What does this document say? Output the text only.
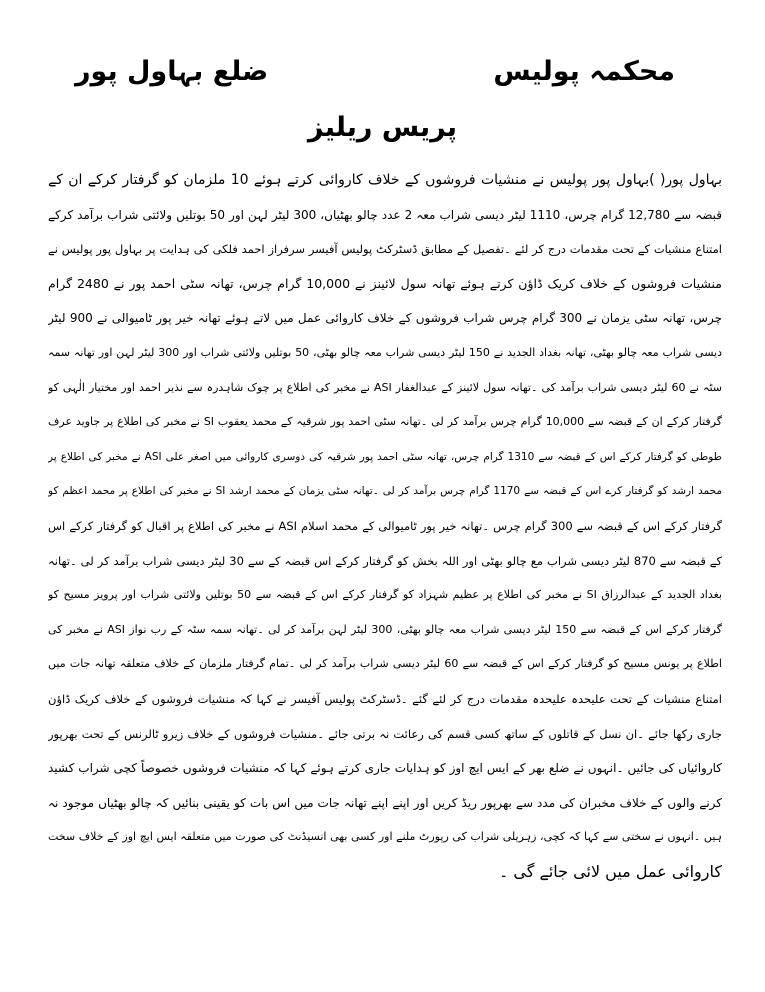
محکمہ پولیس
ضلع بہاول پور
پریس ریلیز
بہاول پور( )بہاول پور پولیس نے منشیات فروشوں کے خلاف کاروائی کرتے ہوئے 10 ملزمان کو گرفتار کرکے ان کے
قبضہ سے 12,780 گرام چرس، 1110 لیٹر دیسی شراب معہ 2 عدد چالو بھٹیاں، 300 لیٹر لہن اور 50 بوتلیں ولائتی شراب برآمد کرکے
امتناع منشیات کے تحت مقدمات درج کر لئے ۔تفصیل کے مطابق ڈسٹرکٹ پولیس آفیسر سرفراز احمد فلکی کی ہدایت پر بہاول پور پولیس نے
منشیات فروشوں کے خلاف کریک ڈاؤن کرتے ہوئے تھانہ سول لائینز نے 10,000 گرام چرس، تھانہ سٹی احمد پور نے 2480 گرام
چرس، تھانہ سٹی یزمان نے 300 گرام چرس شراب فروشوں کے خلاف کاروائی عمل میں لاتے ہوئے تھانہ خیر پور ٹامیوالی نے 900 لیٹر
دیسی شراب معہ چالو بھٹی، تھانہ بغداد الجدید نے 150 لیٹر دیسی شراب معہ چالو بھٹی، 50 بوتلیں ولائتی شراب اور 300 لیٹر لہن اور تھانہ سمہ
سٹہ نے 60 لیٹر دیسی شراب برآمد کی ۔تھانہ سول لائینز کے عبدالغفار ASI نے مخبر کی اطلاع پر چوک شاہدرہ سے نذیر احمد اور مختیار الٰہی کو
گرفتار کرکے ان کے قبضہ سے 10,000 گرام چرس برآمد کر لی ۔تھانہ سٹی احمد پور شرقیہ کے محمد یعقوب SI نے مخبر کی اطلاع پر جاوید عرف
طوطی کو گرفتار کرکے اس کے قبضہ سے 1310 گرام چرس، تھانہ سٹی احمد پور شرقیہ کی دوسری کاروائی میں اصغر علی ASI نے مخبر کی اطلاع پر
محمد ارشد کو گرفتار کرے اس کے قبضہ سے 1170 گرام چرس برآمد کر لی ۔تھانہ سٹی یزمان کے محمد ارشد SI نے مخبر کی اطلاع پر محمد اعظم کو
گرفتار کرکے اس کے قبضہ سے 300 گرام چرس ۔تھانہ خیر پور ٹامیوالی کے محمد اسلام ASI نے مخبر کی اطلاع پر اقبال کو گرفتار کرکے اس
کے قبضہ سے 870 لیٹر دیسی شراب مع چالو بھٹی اور اللہ بخش کو گرفتار کرکے اس قبضہ کے سے 30 لیٹر دیسی شراب برآمد کر لی ۔تھانہ
بغداد الجدید کے عبدالرزاق SI نے مخبر کی اطلاع پر عظیم شہزاد کو گرفتار کرکے اس کے قبضہ سے 50 بوتلیں ولائتی شراب اور پرویز مسیح کو
گرفتار کرکے اس کے قبضہ سے 150 لیٹر دیسی شراب معہ چالو بھٹی، 300 لیٹر لہن برآمد کر لی ۔تھانہ سمہ سٹہ کے رب نواز ASI نے مخبر کی
اطلاع پر یونس مسیح کو گرفتار کرکے اس کے قبضہ سے 60 لیٹر دیسی شراب برآمد کر لی ۔تمام گرفتار ملزمان کے خلاف متعلقہ تھانہ جات میں
امتناع منشیات کے تحت علیحدہ علیحدہ مقدمات درج کر لئے گئے ۔ڈسٹرکٹ پولیس آفیسر نے کہا کہ منشیات فروشوں کے خلاف کریک ڈاؤن
جاری رکھا جائے ۔ان نسل کے قاتلوں کے ساتھ کسی قسم کی رعائت نہ برتی جائے ۔منشیات فروشوں کے خلاف زیرو ٹالرنس کے تحت بھرپور
کاروائیاں کی جائیں ۔انہوں نے ضلع بھر کے ایس ایچ اوز کو ہدایات جاری کرتے ہوئے کہا کہ منشیات فروشوں خصوصاً کچی شراب کشید
کرنے والوں کے خلاف مخبران کی مدد سے بھرپور ریڈ کریں اور اپنے اپنے تھانہ جات میں اس بات کو یقینی بنائیں کہ چالو بھٹیاں موجود نہ
ہیں ۔انہوں نے سختی سے کہا کہ کچی، زہریلی شراب کی رپورٹ ملنے اور کسی بھی انسیڈنٹ کی صورت میں متعلقہ ایس ایچ اوز کے خلاف سخت
کاروائی عمل میں لائی جائے گی ۔
